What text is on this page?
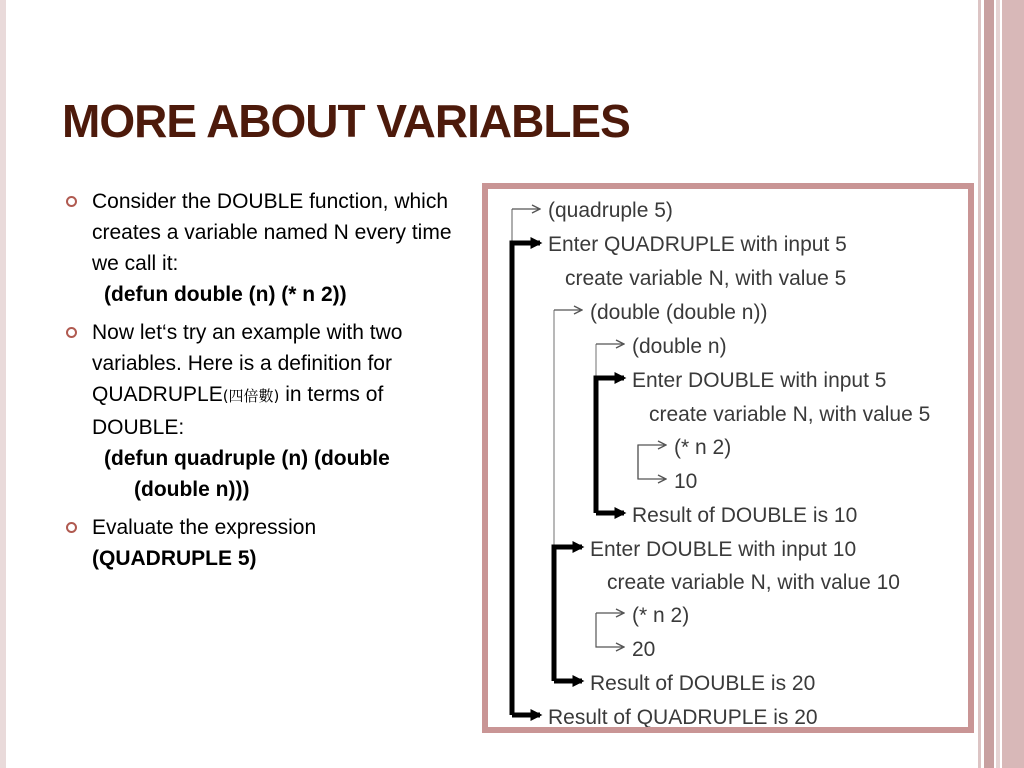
MORE ABOUT VARIABLES
Consider the DOUBLE function, which creates a variable named N every time we call it:
(defun double (n) (* n 2))
Now let‘s try an example with two variables. Here is a definition for QUADRUPLE(四倍數) in terms of DOUBLE:
(defun quadruple (n) (double
(double n)))
Evaluate the expression
(QUADRUPLE 5)
(quadruple 5)
Enter QUADRUPLE with input 5
create variable N, with value 5
(double (double n))
(double n)
Enter DOUBLE with input 5
create variable N, with value 5
(* n 2)
10
Result of DOUBLE is 10
Enter DOUBLE with input 10
create variable N, with value 10
(* n 2)
20
Result of DOUBLE is 20
Result of QUADRUPLE is 20
